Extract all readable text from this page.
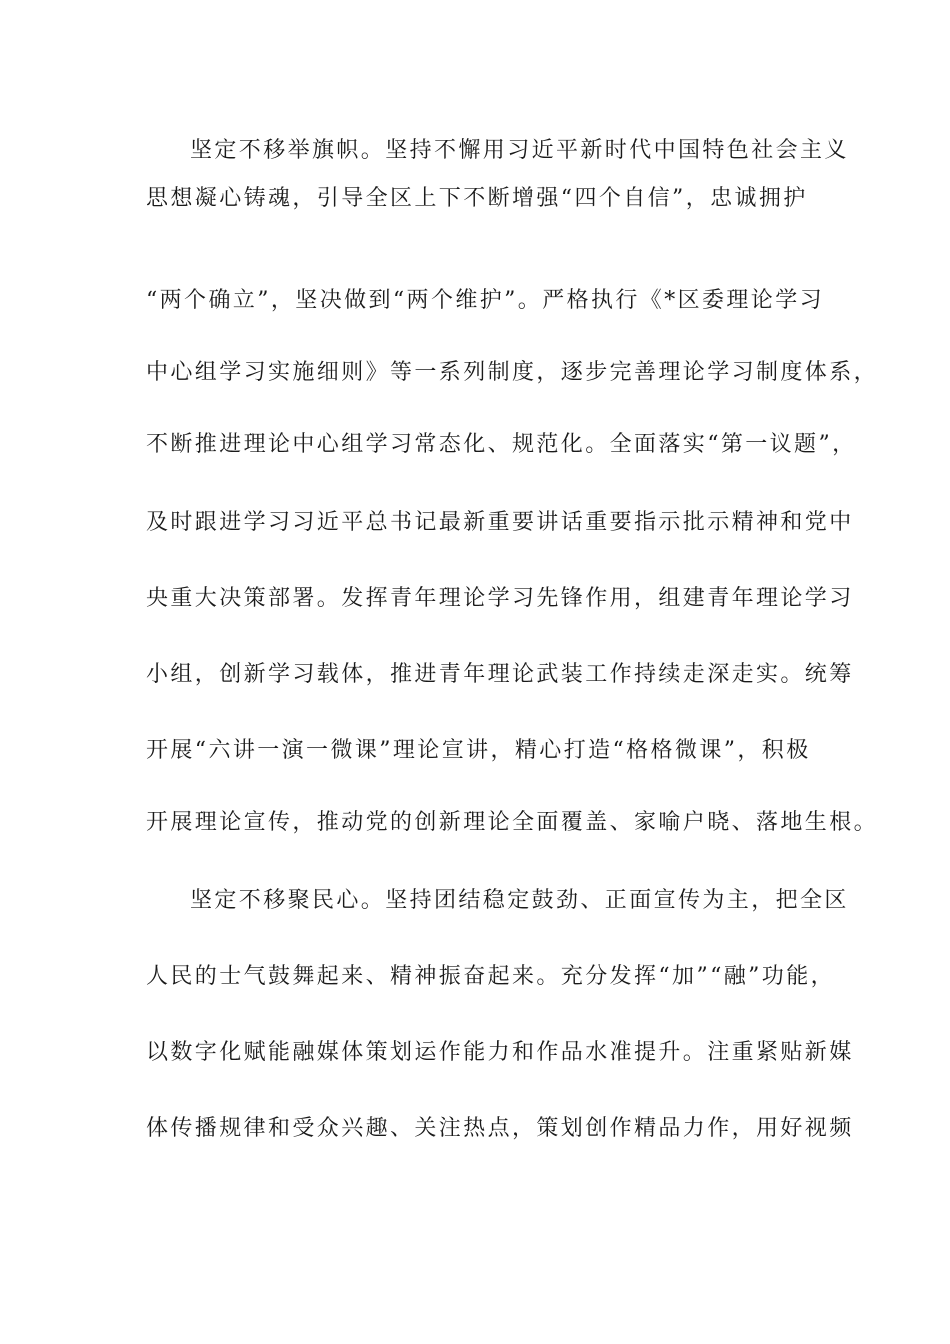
坚定不移举旗帜。坚持不懈用习近平新时代中国特色社会主义
思想凝心铸魂，引导全区上下不断增强“四个自信”，忠诚拥护
“两个确立”，坚决做到“两个维护”。严格执行《*区委理论学习
中心组学习实施细则》等一系列制度，逐步完善理论学习制度体系，
不断推进理论中心组学习常态化、规范化。全面落实“第一议题”，
及时跟进学习习近平总书记最新重要讲话重要指示批示精神和党中
央重大决策部署。发挥青年理论学习先锋作用，组建青年理论学习
小组，创新学习载体，推进青年理论武装工作持续走深走实。统筹
开展“六讲一演一微课”理论宣讲，精心打造“格格微课”，积极
开展理论宣传，推动党的创新理论全面覆盖、家喻户晓、落地生根。
坚定不移聚民心。坚持团结稳定鼓劲、正面宣传为主，把全区
人民的士气鼓舞起来、精神振奋起来。充分发挥“加”“融”功能，
以数字化赋能融媒体策划运作能力和作品水准提升。注重紧贴新媒
体传播规律和受众兴趣、关注热点，策划创作精品力作，用好视频
